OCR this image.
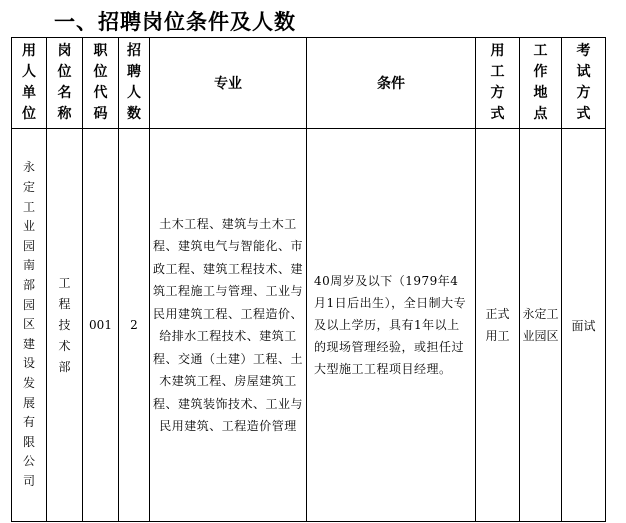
一、招聘岗位条件及人数
用人单位	岗位名称	职位代码	招聘人数	专业	条件	用工方式	工作地点	考试方式
永定工业园南部园区建设发展有限公司	工程技术部	001	2	土木工程、建筑与土木工程、建筑电气与智能化、市政工程、建筑工程技术、建筑工程施工与管理、工业与民用建筑工程、工程造价、给排水工程技术、建筑工程、交通（土建）工程、土木建筑工程、房屋建筑工程、建筑装饰技术、工业与民用建筑、工程造价管理	40周岁及以下（1979年4月1日后出生），全日制大专及以上学历，具有1年以上的现场管理经验，或担任过大型施工工程项目经理。	正式用工	永定工业园区	面试
